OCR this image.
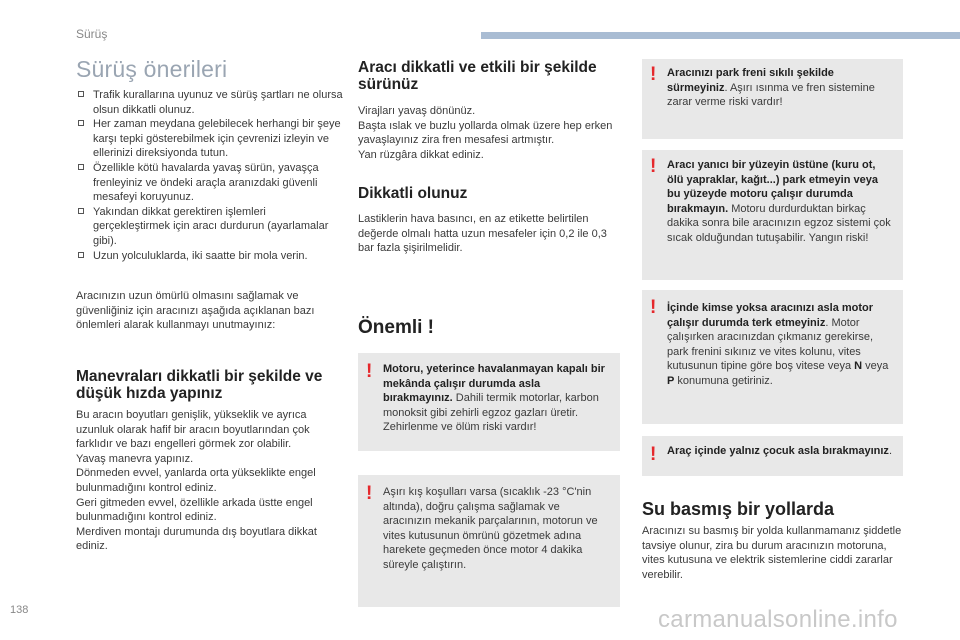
Sürüş
Sürüş önerileri
Trafik kurallarına uyunuz ve sürüş şartları ne olursa olsun dikkatli olunuz.
Her zaman meydana gelebilecek herhangi bir şeye karşı tepki gösterebilmek için çevrenizi izleyin ve ellerinizi direksiyonda tutun.
Özellikle kötü havalarda yavaş sürün, yavaşça frenleyiniz ve öndeki araçla aranızdaki güvenli mesafeyi koruyunuz.
Yakından dikkat gerektiren işlemleri gerçekleştirmek için aracı durdurun (ayarlamalar gibi).
Uzun yolculuklarda, iki saatte bir mola verin.
Aracınızın uzun ömürlü olmasını sağlamak ve güvenliğiniz için aracınızı aşağıda açıklanan bazı önlemleri alarak kullanmayı unutmayınız:
Manevraları dikkatli bir şekilde ve düşük hızda yapınız
Bu aracın boyutları genişlik, yükseklik ve ayrıca uzunluk olarak hafif bir aracın boyutlarından çok farklıdır ve bazı engelleri görmek zor olabilir.
Yavaş manevra yapınız.
Dönmeden evvel, yanlarda orta yükseklikte engel bulunmadığını kontrol ediniz.
Geri gitmeden evvel, özellikle arkada üstte engel bulunmadığını kontrol ediniz.
Merdiven montajı durumunda dış boyutlara dikkat ediniz.
Aracı dikkatli ve etkili bir şekilde sürünüz
Virajları yavaş dönünüz.
Başta ıslak ve buzlu yollarda olmak üzere hep erken yavaşlayınız zira fren mesafesi artmıştır.
Yan rüzgâra dikkat ediniz.
Dikkatli olunuz
Lastiklerin hava basıncı, en az etikette belirtilen değerde olmalı hatta uzun mesafeler için 0,2 ile 0,3 bar fazla şişirilmelidir.
Önemli !
! Motoru, yeterince havalanmayan kapalı bir mekânda çalışır durumda asla bırakmayınız. Dahili termik motorlar, karbon monoksit gibi zehirli egzoz gazları üretir. Zehirlenme ve ölüm riski vardır!
! Aşırı kış koşulları varsa (sıcaklık -23 °C'nin altında), doğru çalışma sağlamak ve aracınızın mekanik parçalarının, motorun ve vites kutusunun ömrünü gözetmek adına harekete geçmeden önce motor 4 dakika süreyle çalıştırın.
! Aracınızı park freni sıkılı şekilde sürmeyiniz. Aşırı ısınma ve fren sistemine zarar verme riski vardır!
! Aracı yanıcı bir yüzeyin üstüne (kuru ot, ölü yapraklar, kağıt...) park etmeyin veya bu yüzeyde motoru çalışır durumda bırakmayın. Motoru durdurduktan birkaç dakika sonra bile aracınızın egzoz sistemi çok sıcak olduğundan tutuşabilir. Yangın riski!
! İçinde kimse yoksa aracınızı asla motor çalışır durumda terk etmeyiniz. Motor çalışırken aracınızdan çıkmanız gerekirse, park frenini sıkınız ve vites kolunu, vites kutusunun tipine göre boş vitese veya N veya P konumuna getiriniz.
! Araç içinde yalnız çocuk asla bırakmayınız.
Su basmış bir yollarda
Aracınızı su basmış bir yolda kullanmamanız şiddetle tavsiye olunur, zira bu durum aracınızın motoruna, vites kutusuna ve elektrik sistemlerine ciddi zararlar verebilir.
138	carmanualsonline.info
